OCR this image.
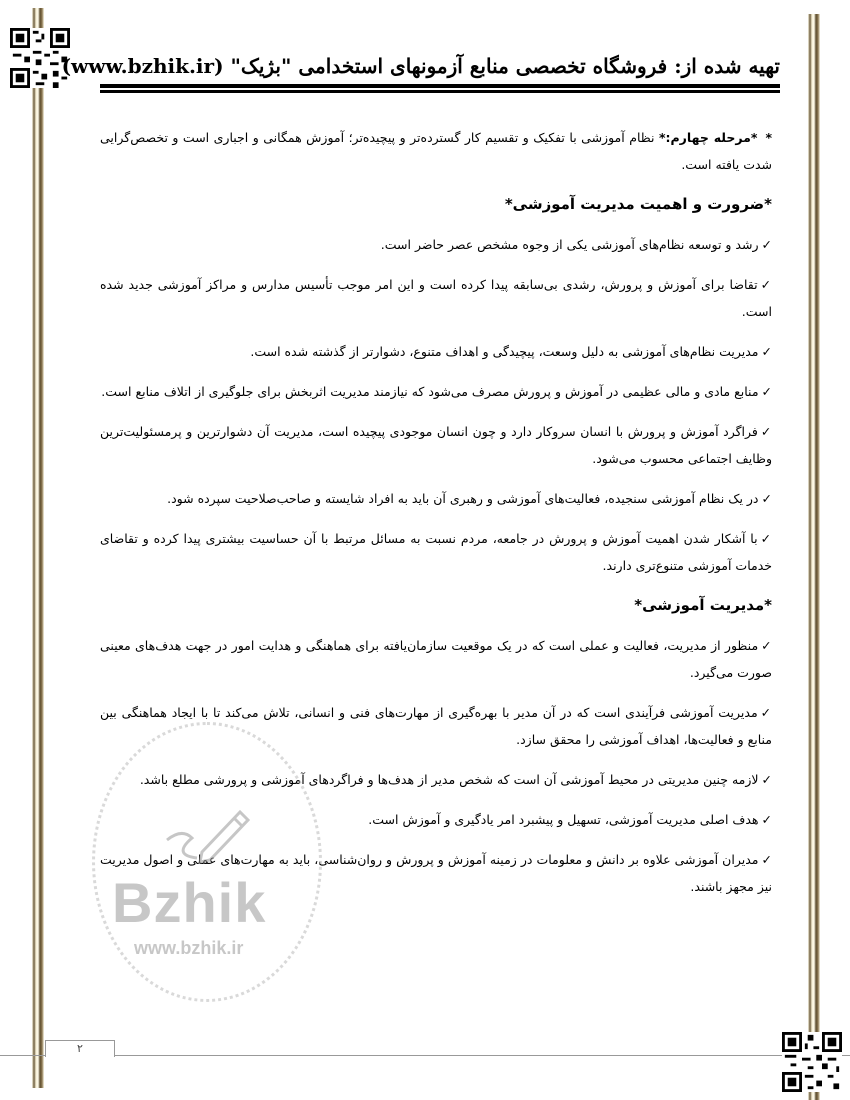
تهیه شده از: فروشگاه تخصصی منابع آزمونهای استخدامی "بژیک" (www.bzhik.ir)

**مرحله چهارم:* نظام آموزشی با تفکیک و تقسیم کار گسترده‌تر و پیچیده‌تر؛ آموزش همگانی و اجباری است و تخصص‌گرایی شدت یافته است.

*ضرورت و اهمیت مدیریت آموزشی*

✓رشد و توسعه نظام‌های آموزشی یکی از وجوه مشخص عصر حاضر است.

✓تقاضا برای آموزش و پرورش، رشدی بی‌سابقه پیدا کرده است و این امر موجب تأسیس مدارس و مراکز آموزشی جدید شده است.

✓مدیریت نظام‌های آموزشی به دلیل وسعت، پیچیدگی و اهداف متنوع، دشوارتر از گذشته شده است.

✓منابع مادی و مالی عظیمی در آموزش و پرورش مصرف می‌شود که نیازمند مدیریت اثربخش برای جلوگیری از اتلاف منابع است.

✓فراگرد آموزش و پرورش با انسان سروکار دارد و چون انسان موجودی پیچیده است، مدیریت آن دشوارترین و پرمسئولیت‌ترین وظایف اجتماعی محسوب می‌شود.

✓در یک نظام آموزشی سنجیده، فعالیت‌های آموزشی و رهبری آن باید به افراد شایسته و صاحب‌صلاحیت سپرده شود.

✓با آشکار شدن اهمیت آموزش و پرورش در جامعه، مردم نسبت به مسائل مرتبط با آن حساسیت بیشتری پیدا کرده و تقاضای خدمات آموزشی متنوع‌تری دارند.

*مدیریت آموزشی*

✓منظور از مدیریت، فعالیت و عملی است که در یک موقعیت سازمان‌یافته برای هماهنگی و هدایت امور در جهت هدف‌های معینی صورت می‌گیرد.

✓مدیریت آموزشی فرآیندی است که در آن مدیر با بهره‌گیری از مهارت‌های فنی و انسانی، تلاش می‌کند تا با ایجاد هماهنگی بین منابع و فعالیت‌ها، اهداف آموزشی را محقق سازد.

✓لازمه چنین مدیریتی در محیط آموزشی آن است که شخص مدیر از هدف‌ها و فراگردهای آموزشی و پرورشی مطلع باشد.

✓هدف اصلی مدیریت آموزشی، تسهیل و پیشبرد امر یادگیری و آموزش است.

✓مدیران آموزشی علاوه بر دانش و معلومات در زمینه آموزش و پرورش و روان‌شناسی، باید به مهارت‌های عملی و اصول مدیریت نیز مجهز باشند.

Bzhik
www.bzhik.ir
۲
